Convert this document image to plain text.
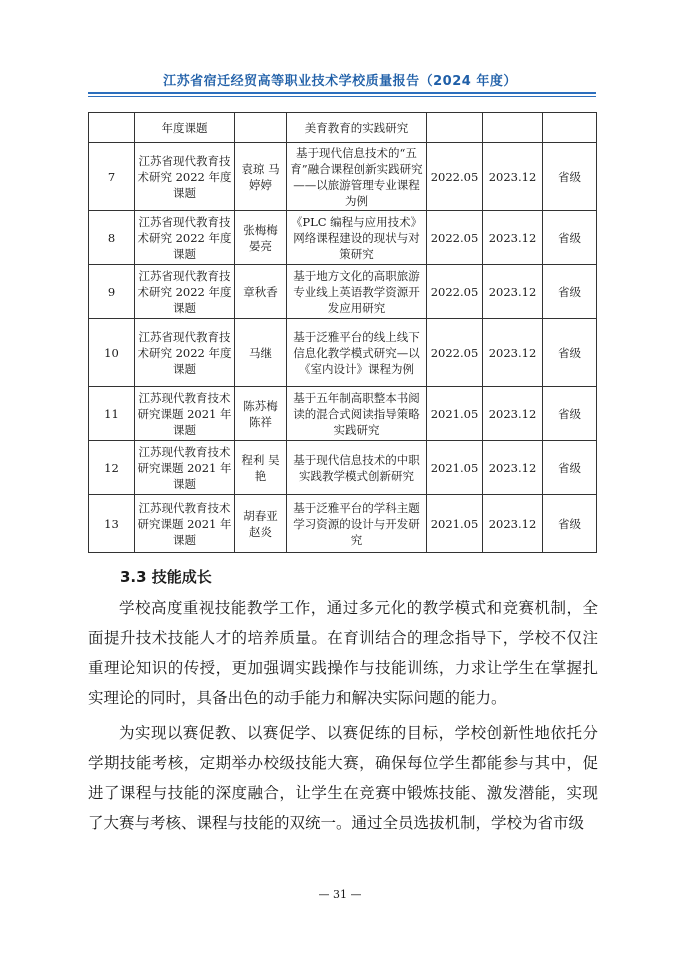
江苏省宿迁经贸高等职业技术学校质量报告（2024 年度）
	年度课题		美育教育的实践研究			
7	江苏省现代教育技术研究 2022 年度课题	袁琼 马婷婷	基于现代信息技术的“五育”融合课程创新实践研究——以旅游管理专业课程为例	2022.05	2023.12	省级
8	江苏省现代教育技术研究 2022 年度课题	张梅梅 晏亮	《PLC 编程与应用技术》网络课程建设的现状与对策研究	2022.05	2023.12	省级
9	江苏省现代教育技术研究 2022 年度课题	章秋香	基于地方文化的高职旅游专业线上英语教学资源开发应用研究	2022.05	2023.12	省级
10	江苏省现代教育技术研究 2022 年度课题	马继	基于泛雅平台的线上线下信息化教学模式研究—以《室内设计》课程为例	2022.05	2023.12	省级
11	江苏现代教育技术研究课题 2021 年课题	陈苏梅 陈祥	基于五年制高职整本书阅读的混合式阅读指导策略实践研究	2021.05	2023.12	省级
12	江苏现代教育技术研究课题 2021 年课题	程利 吴艳	基于现代信息技术的中职实践教学模式创新研究	2021.05	2023.12	省级
13	江苏现代教育技术研究课题 2021 年课题	胡春亚 赵炎	基于泛雅平台的学科主题学习资源的设计与开发研究	2021.05	2023.12	省级
3.3 技能成长

学校高度重视技能教学工作，通过多元化的教学模式和竞赛机制，全面提升技术技能人才的培养质量。在育训结合的理念指导下，学校不仅注重理论知识的传授，更加强调实践操作与技能训练，力求让学生在掌握扎实理论的同时，具备出色的动手能力和解决实际问题的能力。

为实现以赛促教、以赛促学、以赛促练的目标，学校创新性地依托分学期技能考核，定期举办校级技能大赛，确保每位学生都能参与其中，促进了课程与技能的深度融合，让学生在竞赛中锻炼技能、激发潜能，实现了大赛与考核、课程与技能的双统一。通过全员选拔机制，学校为省市级

— 31 —
